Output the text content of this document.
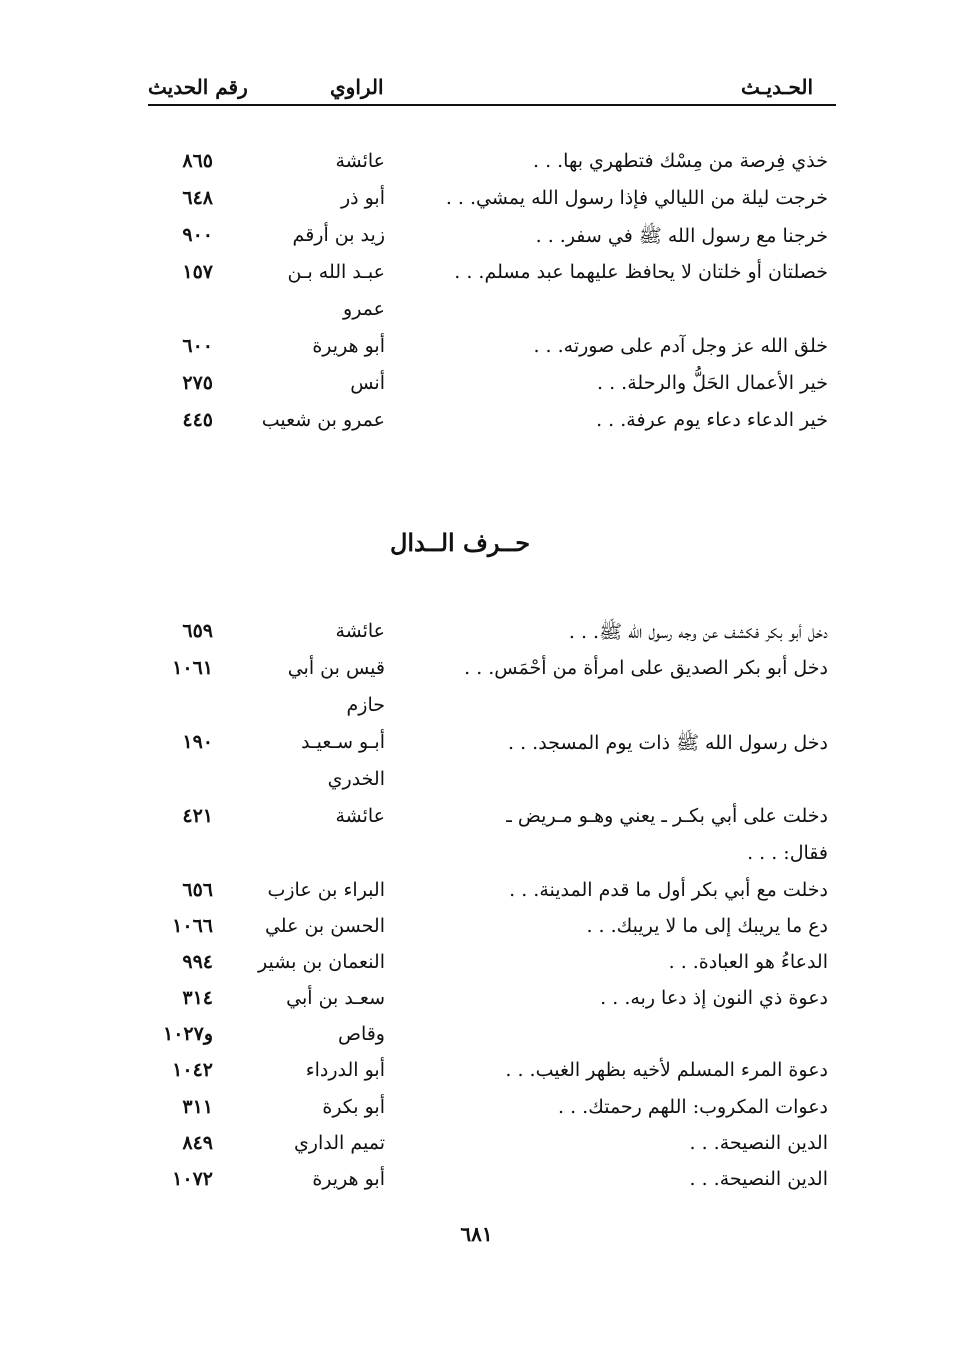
الحـديـث
الراوي
رقم الحديث
حــرف الــدال
خذي فِرصة من مِسْك فتطهري بها. . .
عائشة
٨٦٥
خرجت ليلة من الليالي فإذا رسول الله يمشي. . .
أبو ذر
٦٤٨
خرجنا مع رسول الله ﷺ في سفر. . .
زيد بن أرقم
٩٠٠
خصلتان أو خلتان لا يحافظ عليهما عبد مسلم. . .
عبـد الله بـن
١٥٧
عمرو
خلق الله عز وجل آدم على صورته. . .
أبو هريرة
٦٠٠
خير الأعمال الحَلُّ والرحلة. . .
أنس
٢٧٥
خير الدعاء دعاء يوم عرفة. . .
عمرو بن شعيب
٤٤٥
دخل أبو بكر فكشف عن وجه رسول الله ﷺ. . .
عائشة
٦٥٩
دخل أبو بكر الصديق على امرأة من أحْمَس. . .
قيس بن أبي
١٠٦١
حازم
دخل رسول الله ﷺ ذات يوم المسجد. . .
أبـو سـعيـد
١٩٠
الخدري
دخلت على أبي بكـر ـ يعني وهـو مـريض ـ
عائشة
٤٢١
فقال: . . .
دخلت مع أبي بكر أول ما قدم المدينة. . .
البراء بن عازب
٦٥٦
دع ما يريبك إلى ما لا يريبك. . .
الحسن بن علي
١٠٦٦
الدعاءُ هو العبادة. . .
النعمان بن بشير
٩٩٤
دعوة ذي النون إذ دعا ربه. . .
سعـد بن أبي
٣١٤
وقاص
و١٠٢٧
دعوة المرء المسلم لأخيه بظهر الغيب. . .
أبو الدرداء
١٠٤٢
دعوات المكروب: اللهم رحمتك. . .
أبو بكرة
٣١١
الدين النصيحة. . .
تميم الداري
٨٤٩
الدين النصيحة. . .
أبو هريرة
١٠٧٢
٦٨١
